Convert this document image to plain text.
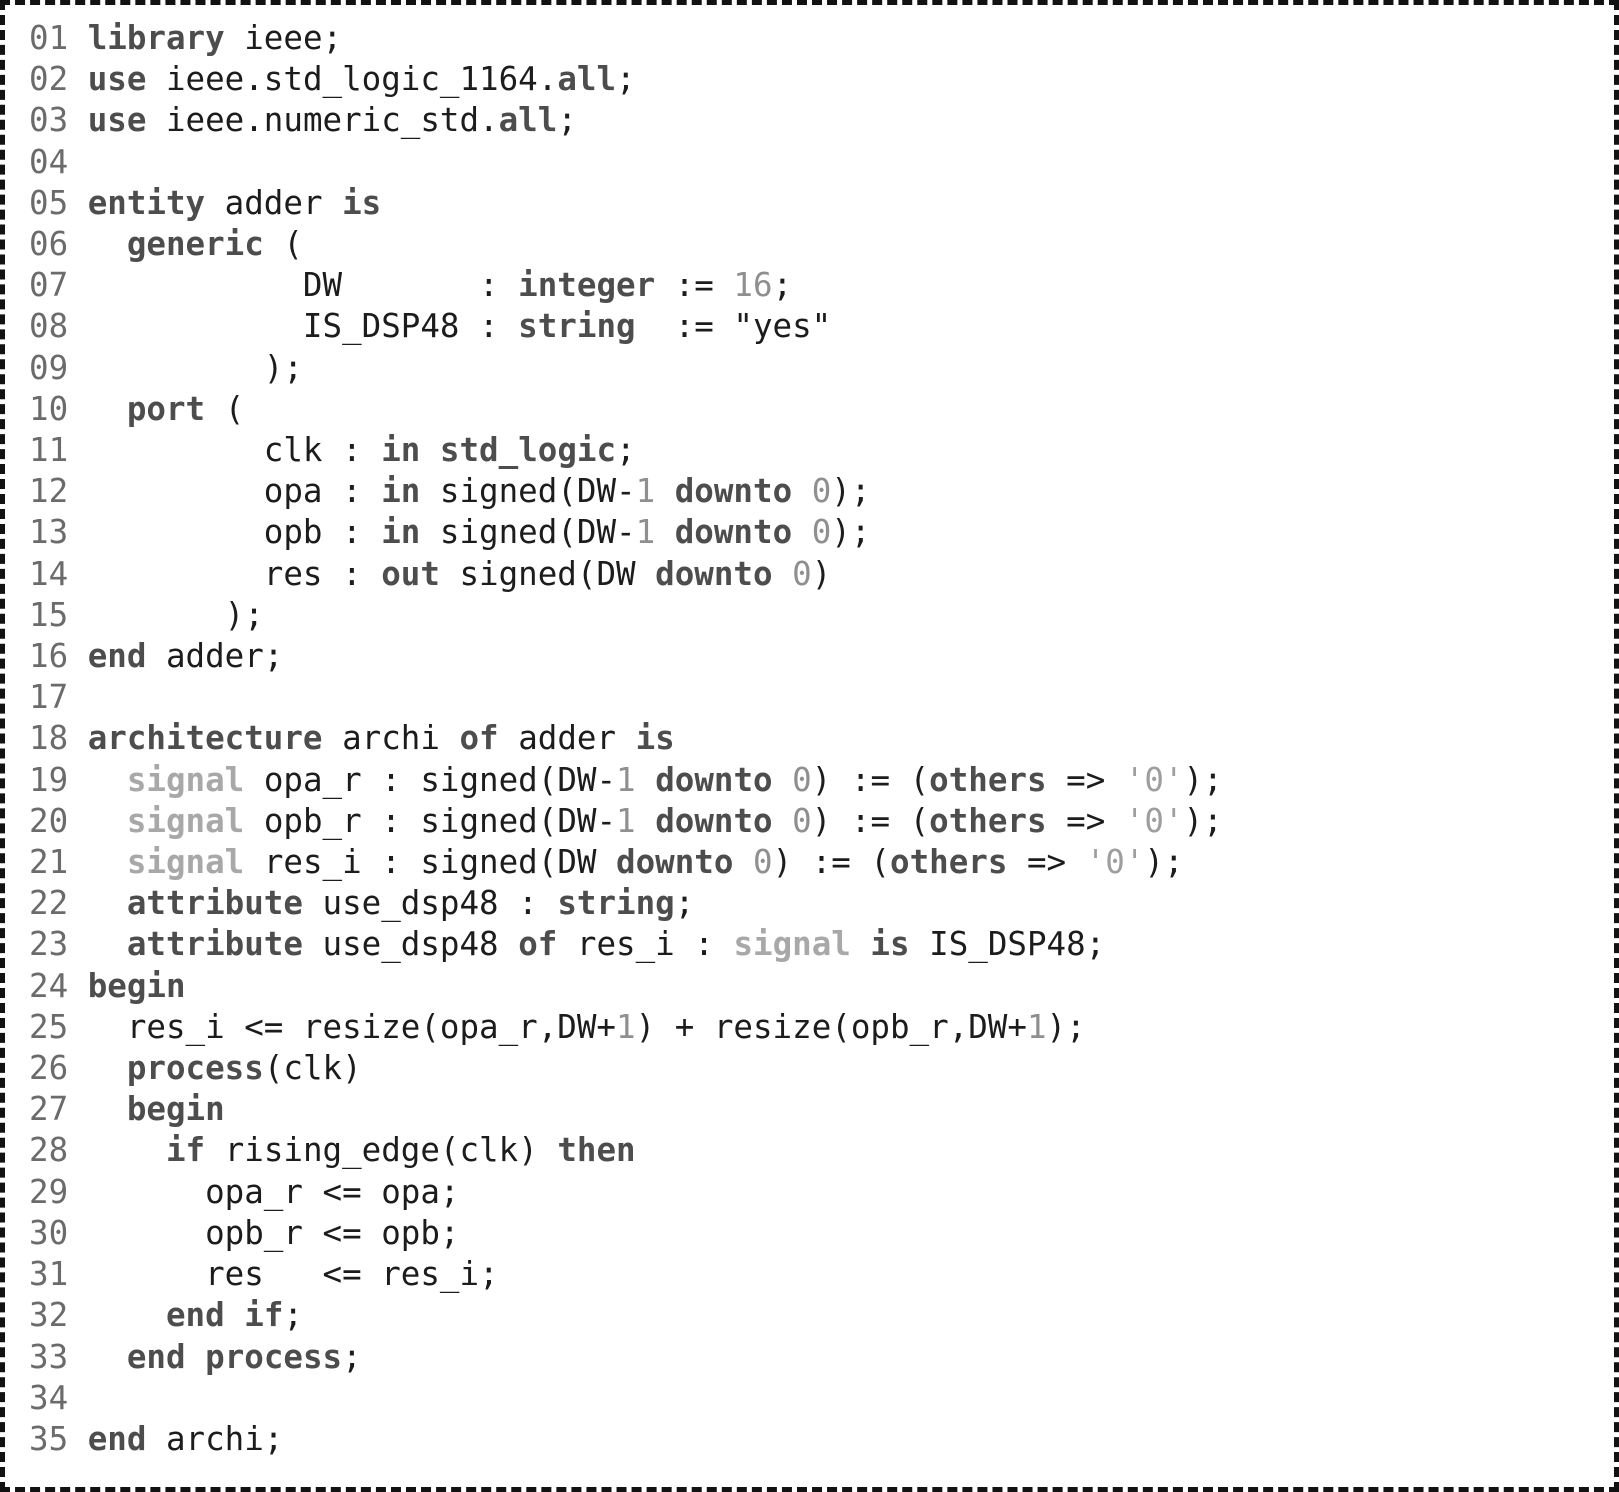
01 library ieee;
02 use ieee.std_logic_1164.all;
03 use ieee.numeric_std.all;
04
05 entity adder is
06 generic (
07           DW       : integer := 16;
08           IS_DSP48 : string  := "yes"
09         );
10 port (
11         clk : in std_logic;
12         opa : in signed(DW-1 downto 0);
13         opb : in signed(DW-1 downto 0);
14         res : out signed(DW downto 0)
15       );
16 end adder;
17
18 architecture archi of adder is
19 signal opa_r : signed(DW-1 downto 0) := (others => '0');
20 signal opb_r : signed(DW-1 downto 0) := (others => '0');
21 signal res_i : signed(DW downto 0) := (others => '0');
22 attribute use_dsp48 : string;
23 attribute use_dsp48 of res_i : signal is IS_DSP48;
24 begin
25  res_i <= resize(opa_r,DW+1) + resize(opb_r,DW+1);
26 process(clk)
27 begin
28	if rising_edge(clk) then
29      opa_r <= opa;
30      opb_r <= opb;
31      res   <= res_i;
32	end if;
33 end process;
34
35 end archi;
